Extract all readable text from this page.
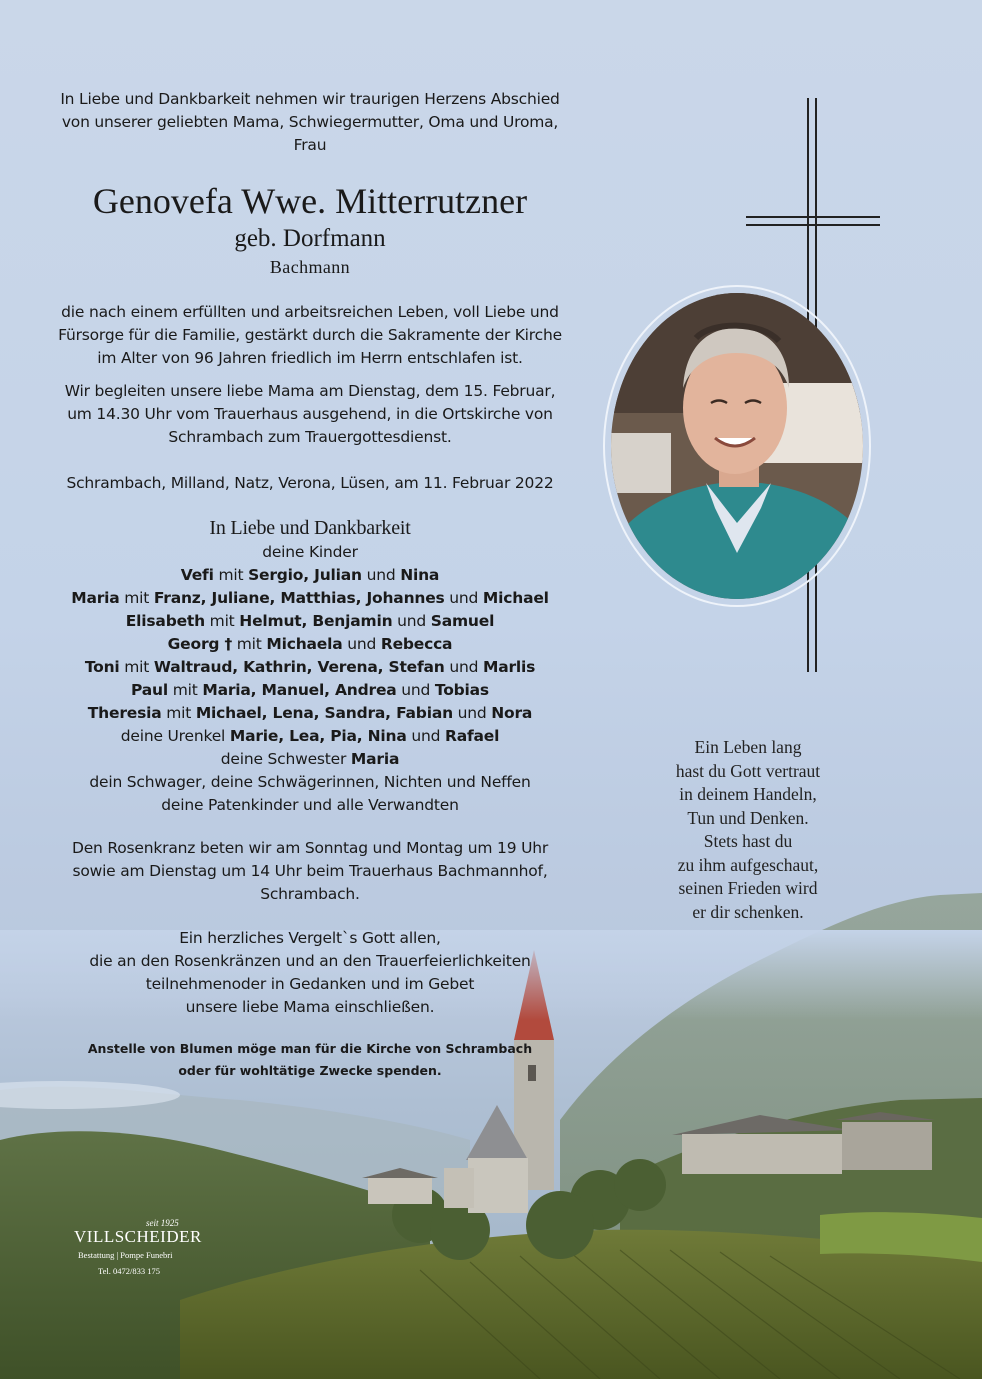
In Liebe und Dankbarkeit nehmen wir traurigen Herzens Abschied
von unserer geliebten Mama, Schwiegermutter, Oma und Uroma,
Frau
Genovefa Wwe. Mitterrutzner
geb. Dorfmann
Bachmann
die nach einem erfüllten und arbeitsreichen Leben, voll Liebe und
Fürsorge für die Familie, gestärkt durch die Sakramente der Kirche
im Alter von 96 Jahren friedlich im Herrn entschlafen ist.
Wir begleiten unsere liebe Mama am Dienstag, dem 15. Februar,
um 14.30 Uhr vom Trauerhaus ausgehend, in die Ortskirche von
Schrambach zum Trauergottesdienst.
Schrambach, Milland, Natz, Verona, Lüsen, am 11. Februar 2022
In Liebe und Dankbarkeit
deine Kinder
Vefi mit Sergio, Julian und Nina
Maria mit Franz, Juliane, Matthias, Johannes und Michael
Elisabeth mit Helmut, Benjamin und Samuel
Georg † mit Michaela und Rebecca
Toni mit Waltraud, Kathrin, Verena, Stefan und Marlis
Paul mit Maria, Manuel, Andrea und Tobias
Theresia mit Michael, Lena, Sandra, Fabian und Nora
deine Urenkel Marie, Lea, Pia, Nina und Rafael
deine Schwester Maria
dein Schwager, deine Schwägerinnen, Nichten und Neffen
deine Patenkinder und alle Verwandten
Den Rosenkranz beten wir am Sonntag und Montag um 19 Uhr
sowie am Dienstag um 14 Uhr beim Trauerhaus Bachmannhof,
Schrambach.
Ein herzliches Vergelt`s Gott allen,
die an den Rosenkränzen und an den Trauerfeierlichkeiten
teilnehmenoder in Gedanken und im Gebet
unsere liebe Mama einschließen.
Anstelle von Blumen möge man für die Kirche von Schrambach
oder für wohltätige Zwecke spenden.
Ein Leben lang
hast du Gott vertraut
in deinem Handeln,
Tun und Denken.
Stets hast du
zu ihm aufgeschaut,
seinen Frieden wird
er dir schenken.
seit 1925
VILLSCHEIDER
Bestattung | Pompe Funebri
Tel. 0472/833 175
